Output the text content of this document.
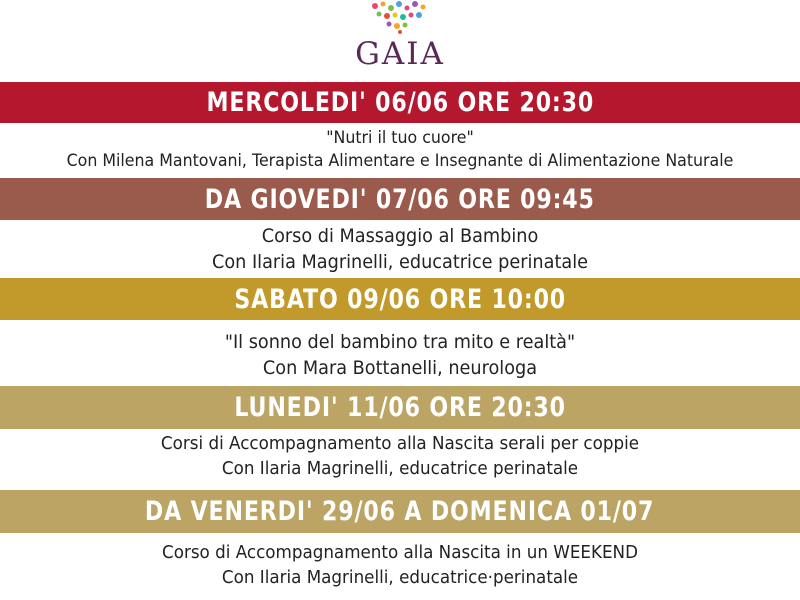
GAIA
MERCOLEDI' 06/06 ORE 20:30
"Nutri il tuo cuore"
Con Milena Mantovani, Terapista Alimentare e Insegnante di Alimentazione Naturale
DA GIOVEDI' 07/06 ORE 09:45
Corso di Massaggio al Bambino
Con Ilaria Magrinelli, educatrice perinatale
SABATO 09/06 ORE 10:00
"Il sonno del bambino tra mito e realtà"
Con Mara Bottanelli, neurologa
LUNEDI' 11/06 ORE 20:30
Corsi di Accompagnamento alla Nascita serali per coppie
Con Ilaria Magrinelli, educatrice perinatale
DA VENERDI' 29/06 A DOMENICA 01/07
Corso di Accompagnamento alla Nascita in un WEEKEND
Con Ilaria Magrinelli, educatrice·perinatale
